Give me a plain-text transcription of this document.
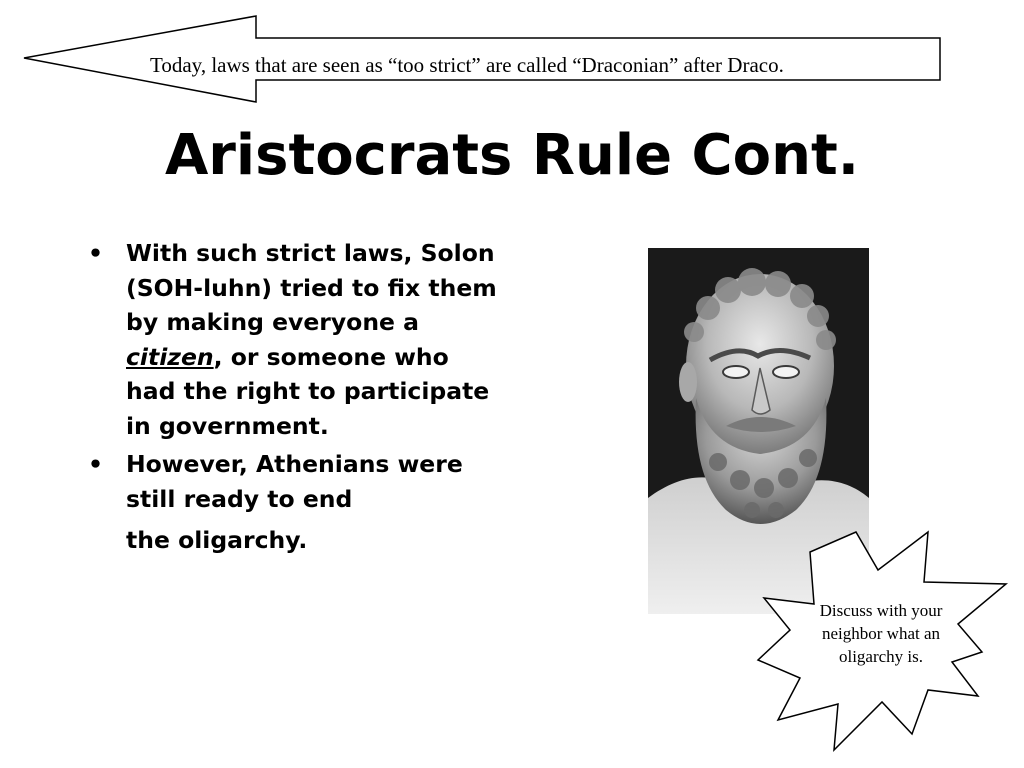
Today, laws that are seen as “too strict” are called “Draconian” after Draco.
Aristocrats Rule Cont.
• With such strict laws, Solon (SOH-luhn) tried to fix them by making everyone a citizen, or someone who had the right to participate in government.
• However, Athenians were still ready to end
the oligarchy.
Discuss with your neighbor what an oligarchy is.
